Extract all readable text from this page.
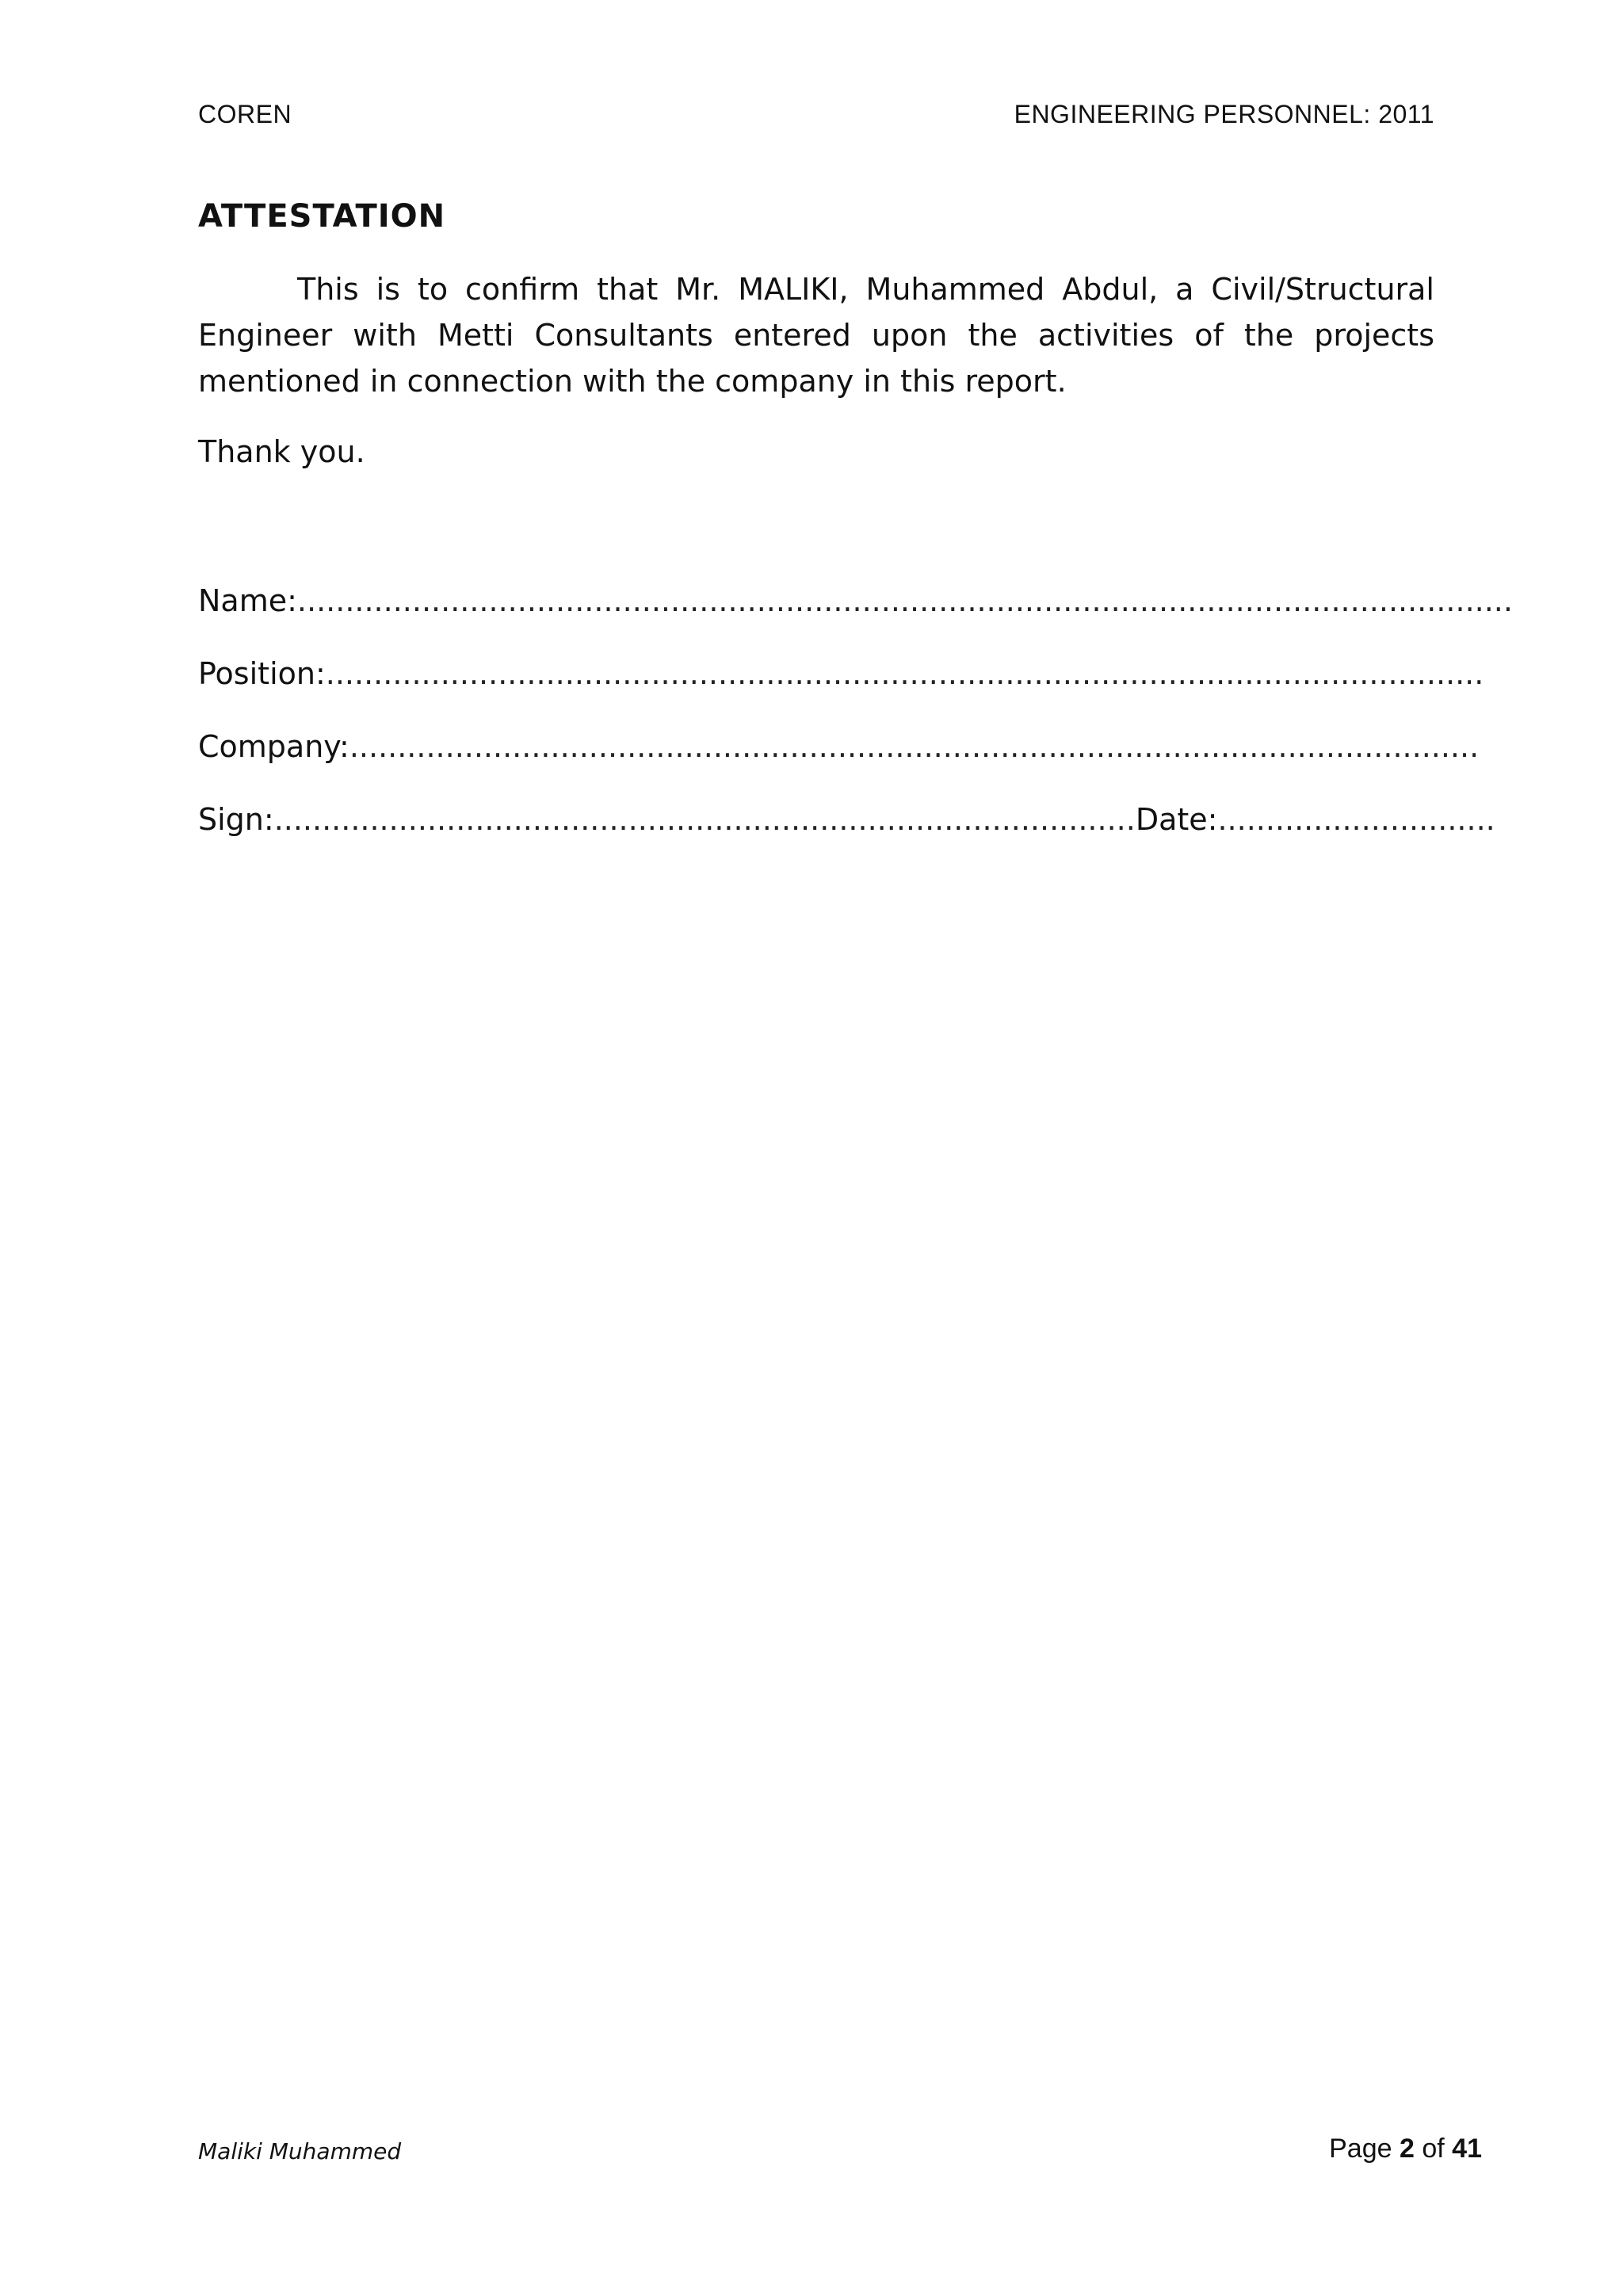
COREN	ENGINEERING PERSONNEL: 2011
ATTESTATION

This is to confirm that Mr. MALIKI, Muhammed Abdul, a Civil/Structural Engineer with Metti Consultants entered upon the activities of the projects mentioned in connection with the company in this report.

Thank you.
Name:...............................................................................................................................
Position:.........................................................................................................................
Company:......................................................................................................................
Sign:..........................................................................................Date:.............................
Maliki Muhammed	Page 2 of 41
